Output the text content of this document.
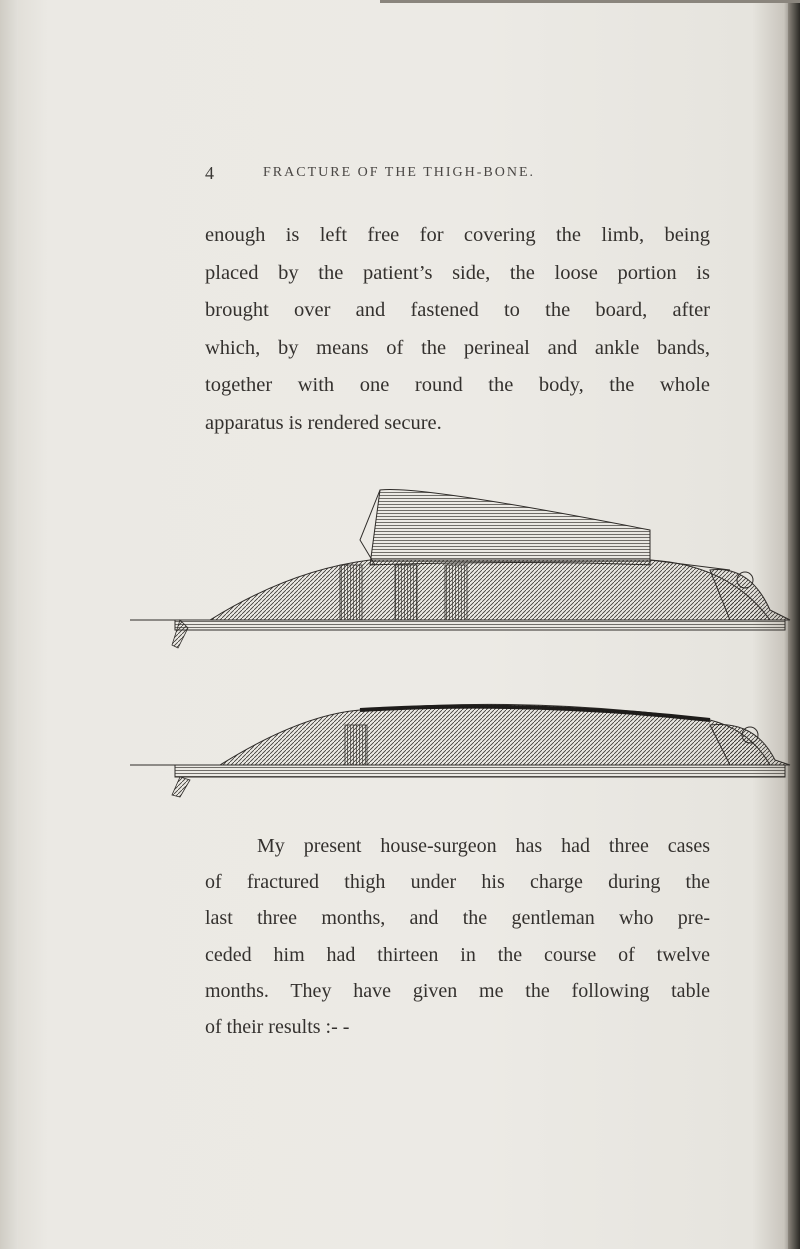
4	FRACTURE OF THE THIGH-BONE.

enough is left free for covering the limb, being
placed by the patient’s side, the loose portion is
brought over and fastened to the board, after
which, by means of the perineal and ankle bands,
together with one round the body, the whole
apparatus is rendered secure.

My present house-surgeon has had three cases
of fractured thigh under his charge during the
last three months, and the gentleman who pre-
ceded him had thirteen in the course of twelve
months. They have given me the following table
of their results :- -
